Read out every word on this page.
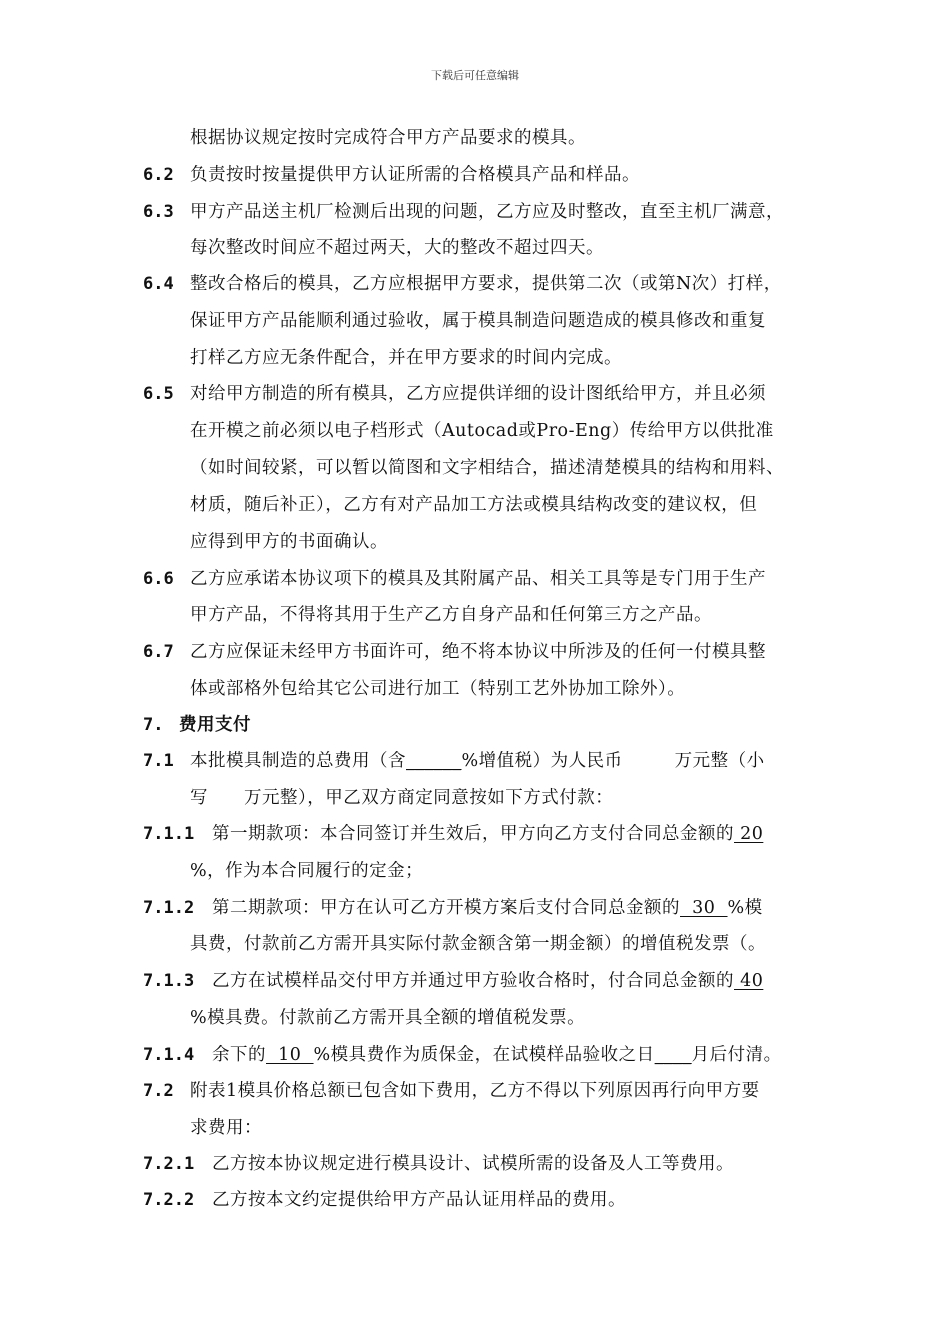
下载后可任意编辑
根据协议规定按时完成符合甲方产品要求的模具。
6.2 负责按时按量提供甲方认证所需的合格模具产品和样品。
6.3 甲方产品送主机厂检测后出现的问题，乙方应及时整改，直至主机厂满意，
每次整改时间应不超过两天，大的整改不超过四天。
6.4 整改合格后的模具，乙方应根据甲方要求，提供第二次（或第N次）打样，
保证甲方产品能顺利通过验收，属于模具制造问题造成的模具修改和重复
打样乙方应无条件配合，并在甲方要求的时间内完成。
6.5 对给甲方制造的所有模具，乙方应提供详细的设计图纸给甲方，并且必须
在开模之前必须以电子档形式（Autocad或Pro-Eng）传给甲方以供批准
（如时间较紧，可以暂以简图和文字相结合，描述清楚模具的结构和用料、
材质，随后补正），乙方有对产品加工方法或模具结构改变的建议权，但
应得到甲方的书面确认。
6.6 乙方应承诺本协议项下的模具及其附属产品、相关工具等是专门用于生产
甲方产品，不得将其用于生产乙方自身产品和任何第三方之产品。
6.7 乙方应保证未经甲方书面许可，绝不将本协议中所涉及的任何一付模具整
体或部格外包给其它公司进行加工（特别工艺外协加工除外）。
7. 费用支付
7.1 本批模具制造的总费用（含______%增值税）为人民币	万元整（小
写 万元整），甲乙双方商定同意按如下方式付款：
7.1.1 第一期款项：本合同签订并生效后，甲方向乙方支付合同总金额的 20
%，作为本合同履行的定金；
7.1.2 第二期款项：甲方在认可乙方开模方案后支付合同总金额的  30  %模
具费，付款前乙方需开具实际付款金额含第一期金额）的增值税发票（。
7.1.3 乙方在试模样品交付甲方并通过甲方验收合格时，付合同总金额的 40
%模具费。付款前乙方需开具全额的增值税发票。
7.1.4 余下的  10  %模具费作为质保金，在试模样品验收之日____月后付清。
7.2 附表1模具价格总额已包含如下费用，乙方不得以下列原因再行向甲方要
求费用：
7.2.1 乙方按本协议规定进行模具设计、试模所需的设备及人工等费用。
7.2.2 乙方按本文约定提供给甲方产品认证用样品的费用。
